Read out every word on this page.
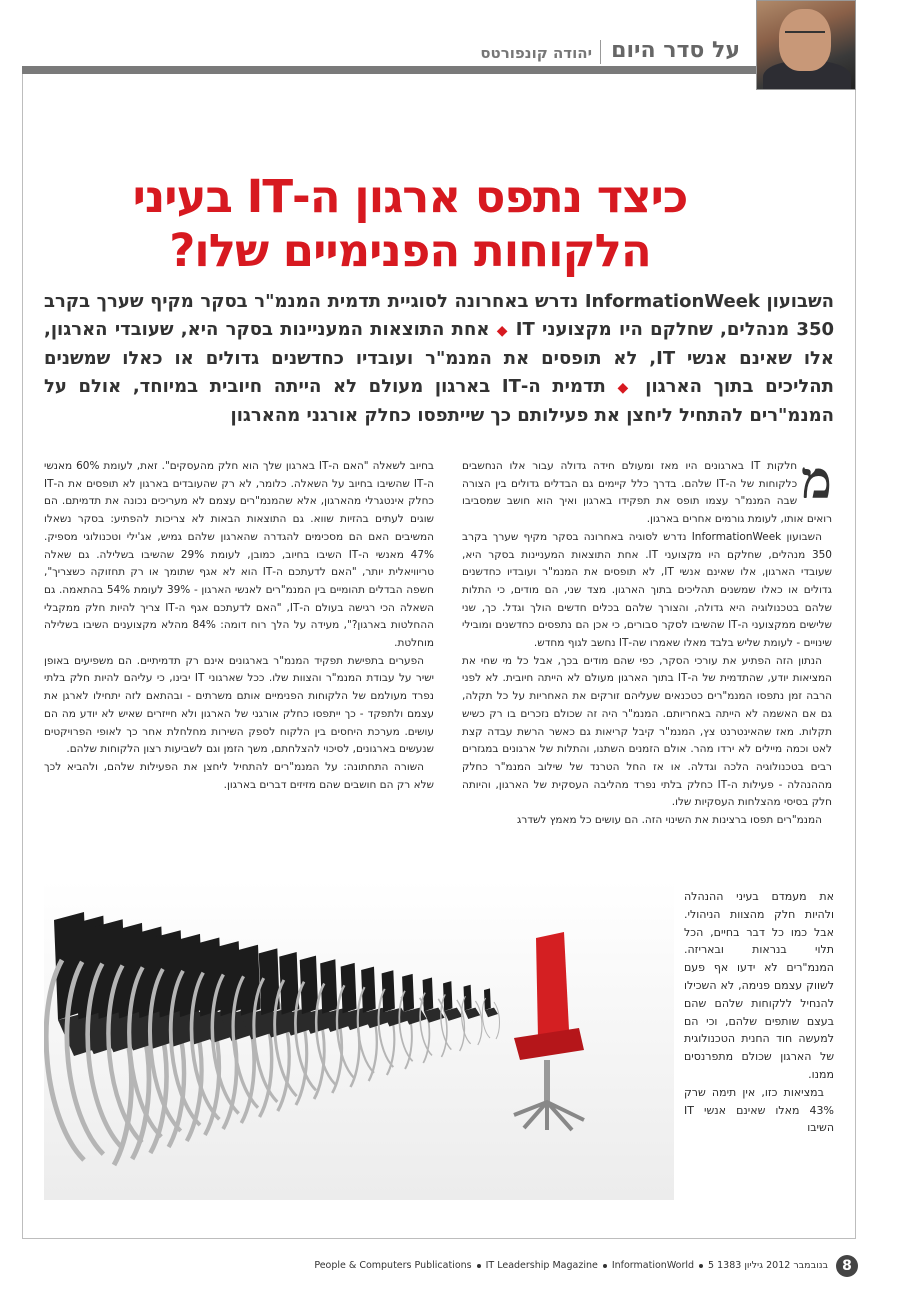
על סדר היום
יהודה קונפורטס
כיצד נתפס ארגון ה-IT בעיני הלקוחות הפנימיים שלו?
השבועון InformationWeek נדרש באחרונה לסוגיית תדמית המנמ"ר בסקר מקיף שערך בקרב 350 מנהלים, שחלקם היו מקצועני IT ◆ אחת התוצאות המעניינות בסקר היא, שעובדי הארגון, אלו שאינם אנשי IT, לא תופסים את המנמ"ר ועובדיו כחדשנים גדולים או כאלו שמשנים תהליכים בתוך הארגון ◆ תדמית ה-IT בארגון מעולם לא הייתה חיובית במיוחד, אולם על המנמ"רים להתחיל ליחצן את פעילותם כך שייתפסו כחלק אורגני מהארגון

מ
חלקות IT בארגונים היו מאז ומעולם חידה גדולה עבור אלו הנחשבים כלקוחות של ה-IT שלהם. בדרך כלל קיימים גם הבדלים גדולים בין הצורה שבה המנמ"ר עצמו תופס את תפקידו בארגון ואיך הוא חושב שמסביבו רואים אותו, לעומת גורמים אחרים בארגון.

השבועון InformationWeek נדרש לסוגיה באחרונה בסקר מקיף שערך בקרב 350 מנהלים, שחלקם היו מקצועני IT. אחת התוצאות המעניינות בסקר היא, שעובדי הארגון, אלו שאינם אנשי IT, לא תופסים את המנמ"ר ועובדיו כחדשנים גדולים או כאלו שמשנים תהליכים בתוך הארגון. מצד שני, הם מודים, כי התלות שלהם בטכנולוגיה היא גדולה, והצורך שלהם בכלים חדשים הולך וגדל. כך, שני שלישים ממקצועני ה-IT שהשיבו לסקר סבורים, כי אכן הם נתפסים כחדשנים ומובילי שינויים - לעומת שליש בלבד מאלו שאמרו שה-IT נחשב לגוף מחדש.

הנתון הזה הפתיע את עורכי הסקר, כפי שהם מודים בכך, אבל כל מי שחי את המציאות יודע, שהתדמית של ה-IT בתוך הארגון מעולם לא הייתה חיובית. לא לפני הרבה זמן נתפסו המנמ"רים כטכנאים שעליהם זורקים את האחריות על כל תקלה, גם אם האשמה לא הייתה באחריותם. המנמ"ר היה זה שכולם נזכרים בו רק כשיש תקלות. מאז שהאינטרנט צץ, המנמ"ר קיבל קריאות גם כאשר הרשת עבדה קצת לאט וכמה מיילים לא ירדו מהר. אולם הזמנים השתנו, והתלות של ארגונים במגזרים רבים בטכנולוגיה הלכה וגדלה. או אז החל הטרנד של שילוב המנמ"ר כחלק מההנהלה - פעילות ה-IT כחלק בלתי נפרד מהליבה העסקית של הארגון, והיותה חלק בסיסי מהצלחות העסקיות שלו.

המנמ"רים תפסו ברצינות את השינוי הזה. הם עושים כל מאמץ לשדרג

בחיוב לשאלה "האם ה-IT בארגון שלך הוא חלק מהעסקים". זאת, לעומת 60% מאנשי ה-IT שהשיבו בחיוב על השאלה. כלומר, לא רק שהעובדים בארגון לא תופסים את ה-IT כחלק אינטגרלי מהארגון, אלא שהמנמ"רים עצמם לא מעריכים נכונה את תדמיתם. הם שוגים לעתים בהזיות שווא. גם התוצאות הבאות לא צריכות להפתיע: בסקר נשאלו המשיבים האם הם מסכימים להגדרה שהארגון שלהם גמיש, אג'ילי וטכנולוגי מספיק. 47% מאנשי ה-IT השיבו בחיוב, כמובן, לעומת 29% שהשיבו בשלילה. גם שאלה טריוויאלית יותר, "האם לדעתכם ה-IT הוא לא אגף שתומך או רק תחזוקה כשצריך", חשפה הבדלים תהומיים בין המנמ"רים לאנשי הארגון - 39% לעומת 54% בהתאמה. גם השאלה הכי רגישה בעולם ה-IT, "האם לדעתכם אגף ה-IT צריך להיות חלק ממקבלי ההחלטות בארגון?", מעידה על הלך רוח דומה: 84% מהלא מקצוענים השיבו בשלילה מוחלטת.

הפערים בתפישת תפקיד המנמ"ר בארגונים אינם רק תדמיתיים. הם משפיעים באופן ישיר על עבודת המנמ"ר והצוות שלו. ככל שארגוני IT יבינו, כי עליהם להיות חלק בלתי נפרד מעולמם של הלקוחות הפנימיים אותם משרתים - ובהתאם לזה יתחילו לארגן את עצמם ולתפקד - כך ייתפסו כחלק אורגני של הארגון ולא חייזרים שאיש לא יודע מה הם עושים. מערכת היחסים בין הלקוח לספק השירות מחלחלת אחר כך לאופי הפרויקטים שנעשים בארגונים, לסיכוי להצלחתם, משך הזמן וגם לשביעות רצון הלקוחות שלהם.

השורה התחתונה: על המנמ"רים להתחיל ליחצן את הפעילות שלהם, ולהביא לכך שלא רק הם חושבים שהם מזיזים דברים בארגון.

את מעמדם בעיני ההנהלה ולהיות חלק מהצוות הניהולי. אבל כמו כל דבר בחיים, הכל תלוי בנראות ובאריזה. המנמ"רים לא ידעו אף פעם לשווק עצמם פנימה, לא השכילו להנחיל ללקוחות שלהם שהם בעצם שותפים שלהם, וכי הם למעשה חוד החנית הטכנולוגית של הארגון שכולם מתפרנסים ממנו.

במציאות כזו, אין תימה שרק 43% מאלו שאינם אנשי IT השיבו

8
People & Computers Publications IT Leadership Magazine InformationWorld 5 בנובמבר 2012 גיליון 1383
